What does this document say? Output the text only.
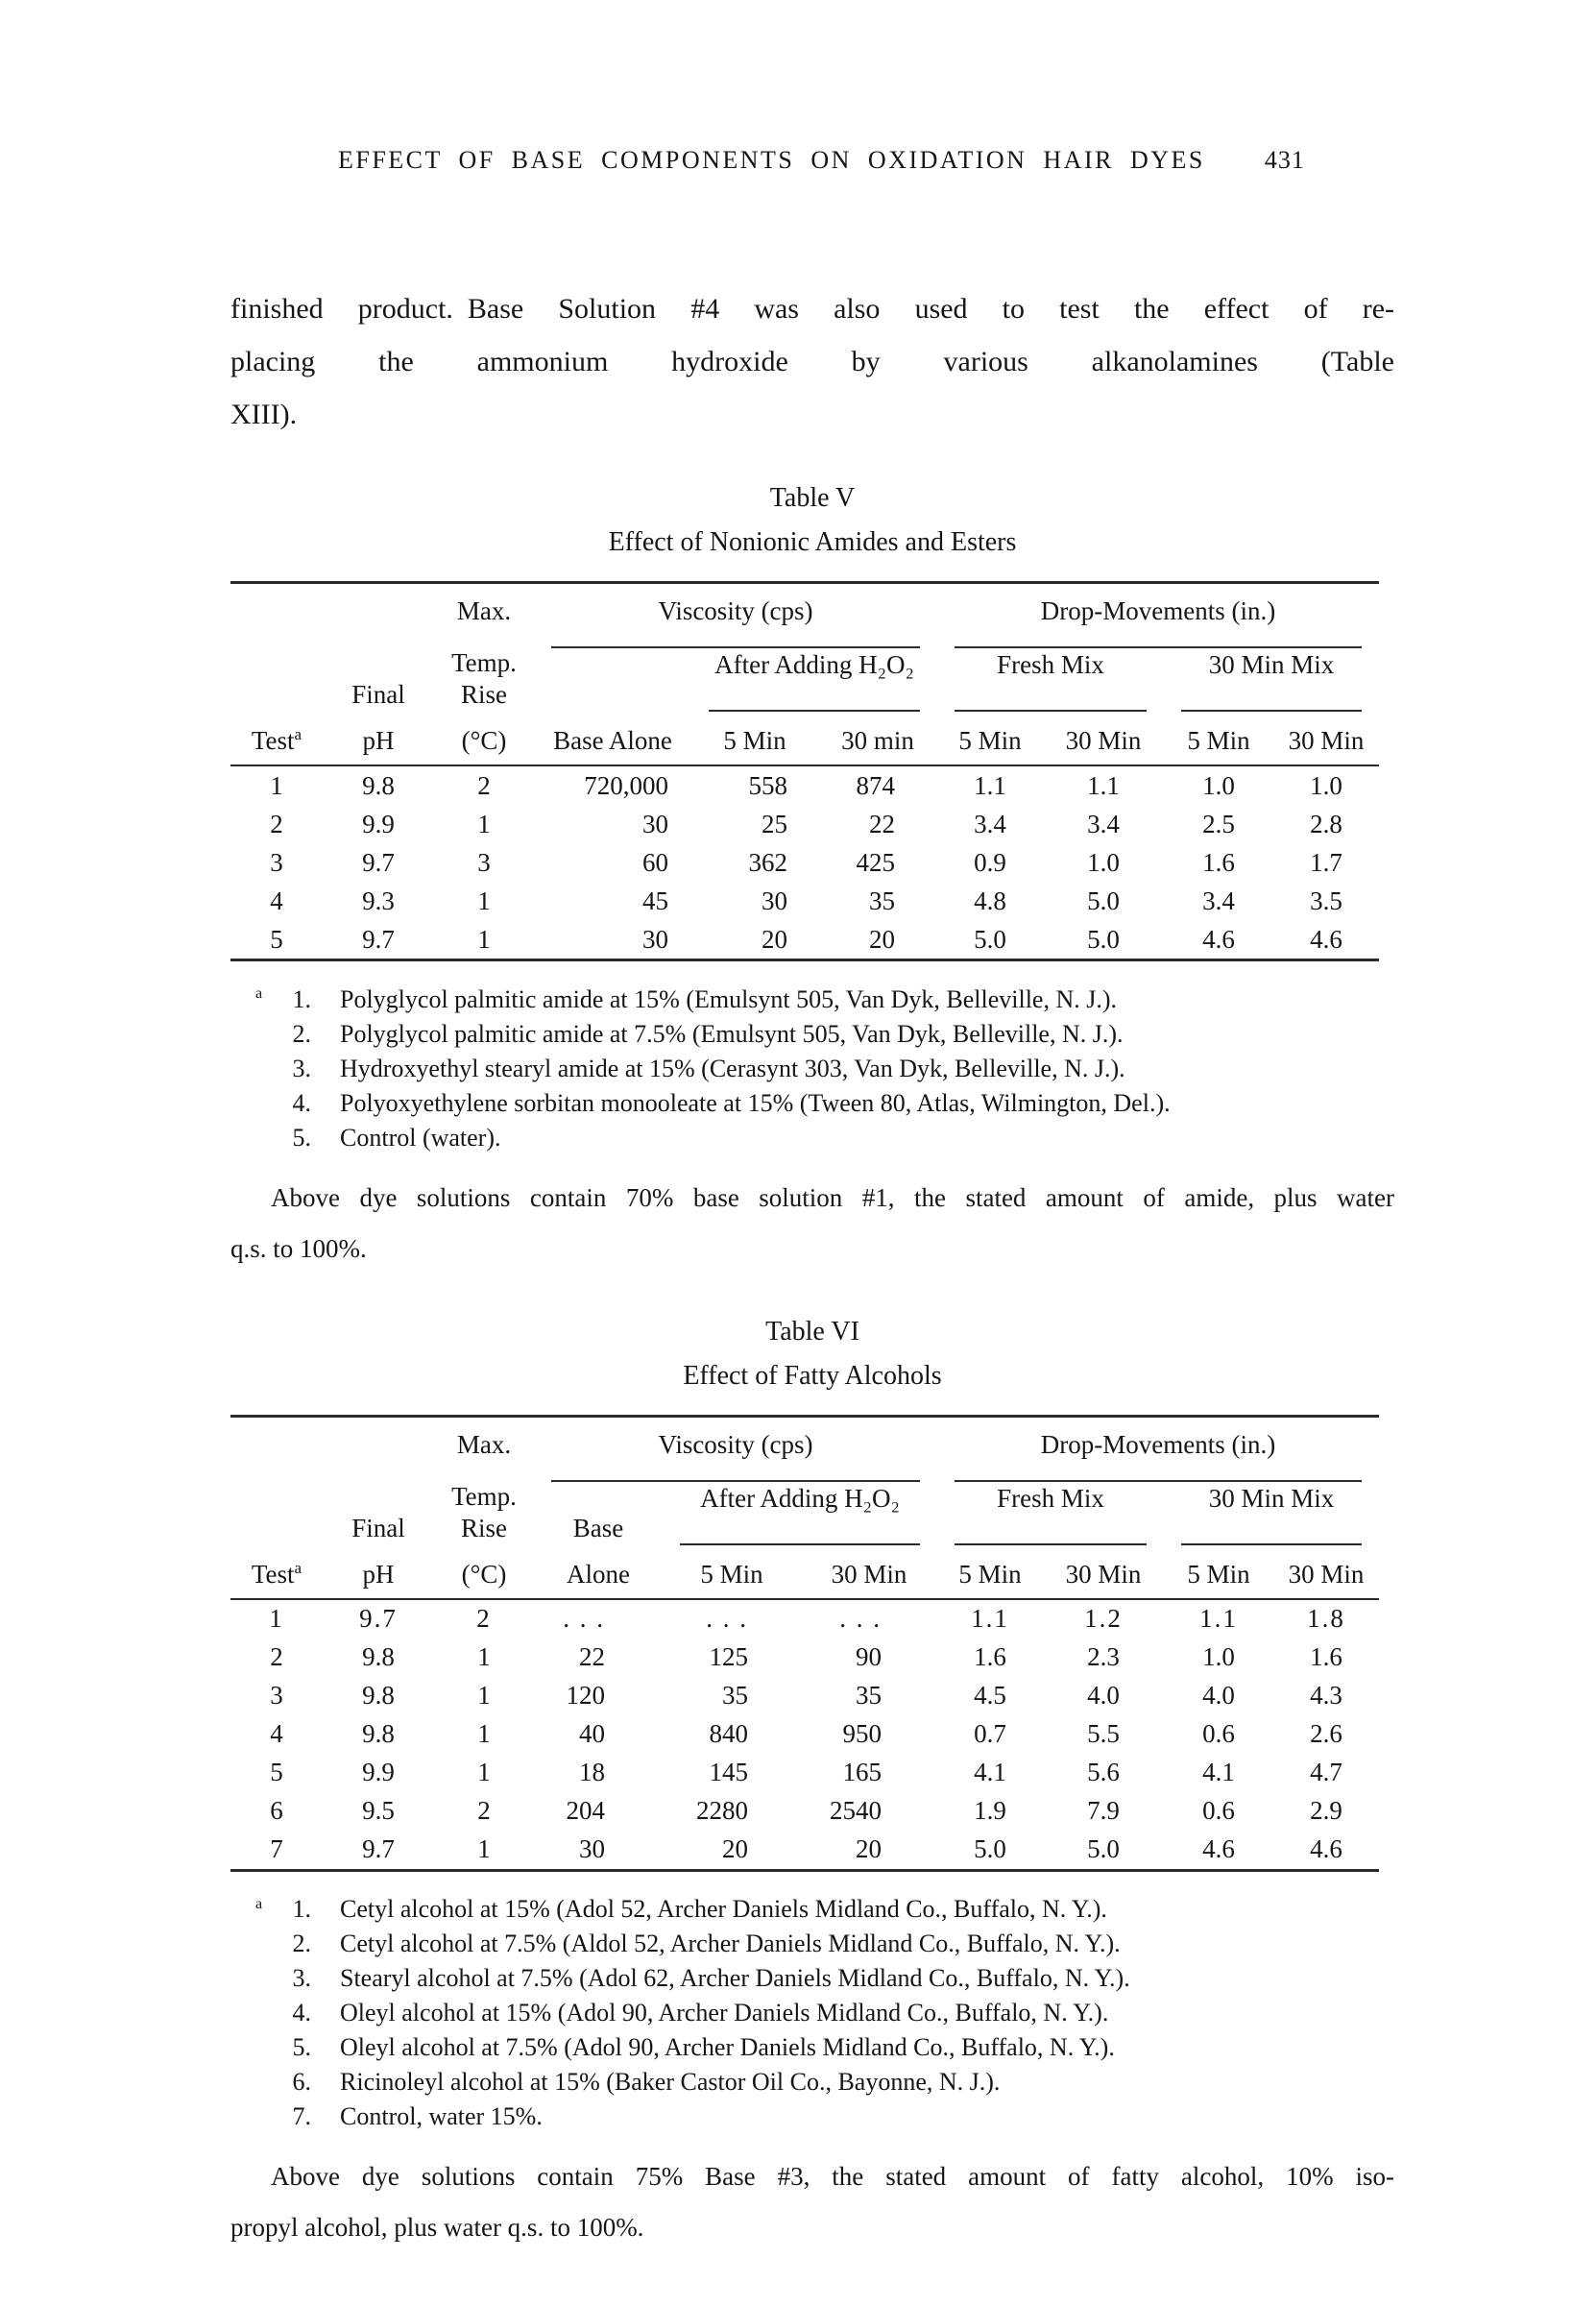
EFFECT OF BASE COMPONENTS ON OXIDATION HAIR DYES 431
finished product. Base Solution #4 was also used to test the effect of re-
placing the ammonium hydroxide by various alkanolamines (Table
XIII).
Table V
Effect of Nonionic Amides and Esters
		Max.	Viscosity (cps)			Drop-Movements (in.)			
		Temp.		After Adding H₂O₂		Fresh Mix		30 Min Mix	
	Final	Rise							
Test$^a$	pH	(°C)	Base Alone	5 Min	30 min	5 Min	30 Min	5 Min	30 Min
1	9.8	2	720,000	558	874	1.1	1.1	1.0	1.0
2	9.9	1	30	25	22	3.4	3.4	2.5	2.8
3	9.7	3	60	362	425	0.9	1.0	1.6	1.7
4	9.3	1	45	30	35	4.8	5.0	3.4	3.5
5	9.7	1	30	20	20	5.0	5.0	4.6	4.6
a 1. Polyglycol palmitic amide at 15% (Emulsynt 505, Van Dyk, Belleville, N. J.).
2. Polyglycol palmitic amide at 7.5% (Emulsynt 505, Van Dyk, Belleville, N. J.).
3. Hydroxyethyl stearyl amide at 15% (Cerasynt 303, Van Dyk, Belleville, N. J.).
4. Polyoxyethylene sorbitan monooleate at 15% (Tween 80, Atlas, Wilmington, Del.).
5. Control (water).
Above dye solutions contain 70% base solution #1, the stated amount of amide, plus water
q.s. to 100%.
Table VI
Effect of Fatty Alcohols
		Max.	Viscosity (cps)			Drop-Movements (in.)			
		Temp.		After Adding H₂O₂		Fresh Mix		30 Min Mix	
	Final	Rise	Base						
Test$^a$	pH	(°C)	Alone	5 Min	30 Min	5 Min	30 Min	5 Min	30 Min
1	9.7	2	. . .	. . .	. . .	1.1	1.2	1.1	1.8
2	9.8	1	22	125	90	1.6	2.3	1.0	1.6
3	9.8	1	120	35	35	4.5	4.0	4.0	4.3
4	9.8	1	40	840	950	0.7	5.5	0.6	2.6
5	9.9	1	18	145	165	4.1	5.6	4.1	4.7
6	9.5	2	204	2280	2540	1.9	7.9	0.6	2.9
7	9.7	1	30	20	20	5.0	5.0	4.6	4.6
a 1. Cetyl alcohol at 15% (Adol 52, Archer Daniels Midland Co., Buffalo, N. Y.).
2. Cetyl alcohol at 7.5% (Aldol 52, Archer Daniels Midland Co., Buffalo, N. Y.).
3. Stearyl alcohol at 7.5% (Adol 62, Archer Daniels Midland Co., Buffalo, N. Y.).
4. Oleyl alcohol at 15% (Adol 90, Archer Daniels Midland Co., Buffalo, N. Y.).
5. Oleyl alcohol at 7.5% (Adol 90, Archer Daniels Midland Co., Buffalo, N. Y.).
6. Ricinoleyl alcohol at 15% (Baker Castor Oil Co., Bayonne, N. J.).
7. Control, water 15%.
Above dye solutions contain 75% Base #3, the stated amount of fatty alcohol, 10% iso-
propyl alcohol, plus water q.s. to 100%.
